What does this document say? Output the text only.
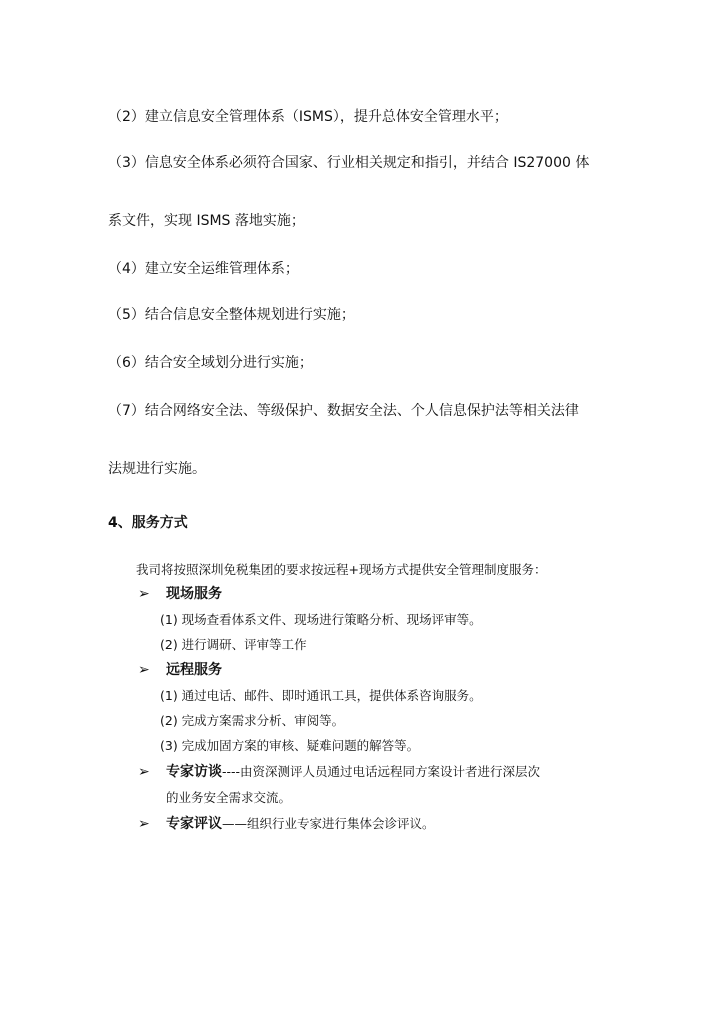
（2）建立信息安全管理体系（ISMS），提升总体安全管理水平；
（3）信息安全体系必须符合国家、行业相关规定和指引，并结合 IS27000 体
系文件，实现 ISMS 落地实施；
（4）建立安全运维管理体系；
（5）结合信息安全整体规划进行实施；
（6）结合安全域划分进行实施；
（7）结合网络安全法、等级保护、数据安全法、个人信息保护法等相关法律
法规进行实施。
4、服务方式
我司将按照深圳免税集团的要求按远程+现场方式提供安全管理制度服务：
➢ 现场服务
(1) 现场查看体系文件、现场进行策略分析、现场评审等。
(2) 进行调研、评审等工作
➢ 远程服务
(1) 通过电话、邮件、即时通讯工具，提供体系咨询服务。
(2) 完成方案需求分析、审阅等。
(3) 完成加固方案的审核、疑难问题的解答等。
➢ 专家访谈----由资深测评人员通过电话远程同方案设计者进行深层次
的业务安全需求交流。
➢ 专家评议——组织行业专家进行集体会诊评议。
